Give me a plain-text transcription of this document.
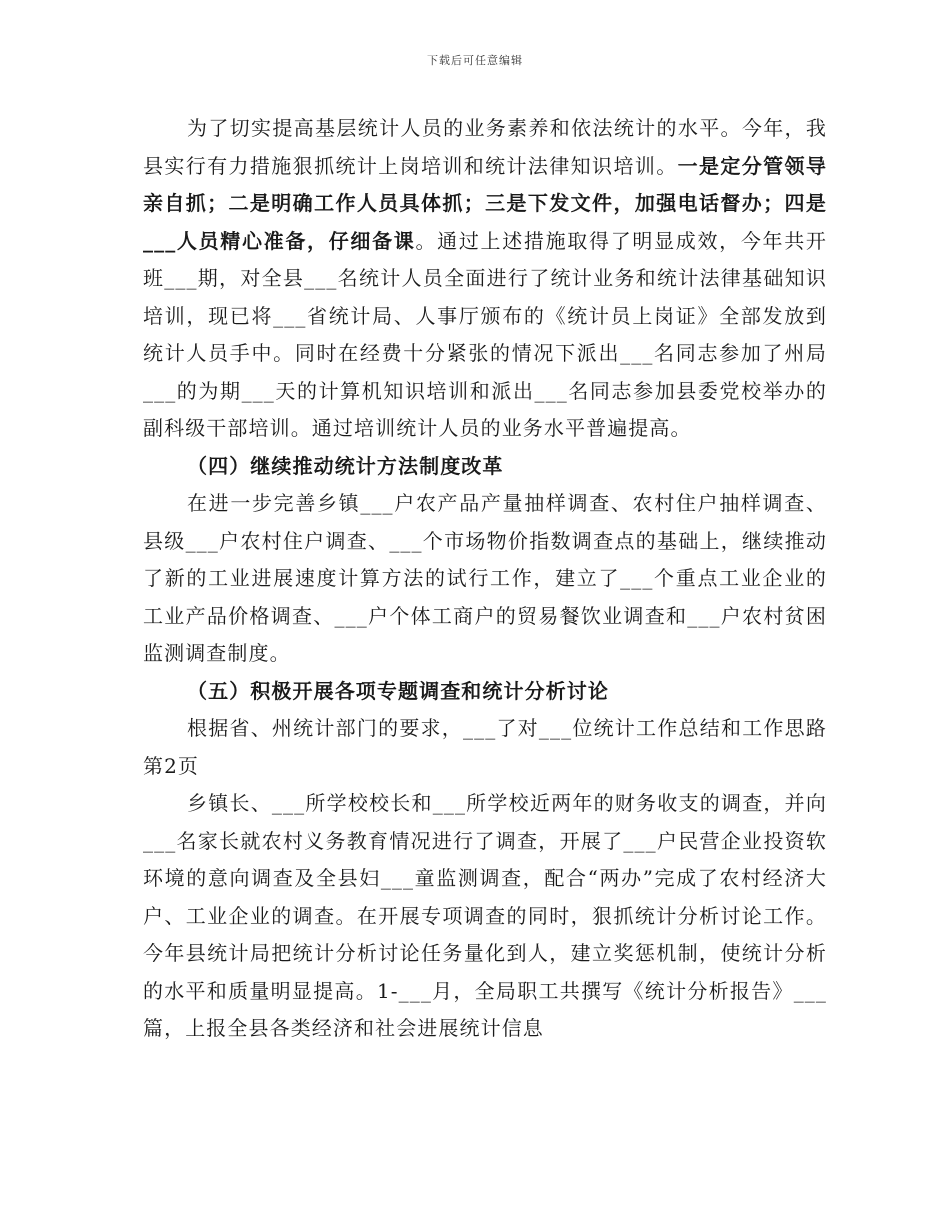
下载后可任意编辑

为了切实提高基层统计人员的业务素养和依法统计的水平。今年，我县实行有力措施狠抓统计上岗培训和统计法律知识培训。一是定分管领导亲自抓；二是明确工作人员具体抓；三是下发文件，加强电话督办；四是___人员精心准备，仔细备课。通过上述措施取得了明显成效，今年共开班___期，对全县___名统计人员全面进行了统计业务和统计法律基础知识培训，现已将___省统计局、人事厅颁布的《统计员上岗证》全部发放到统计人员手中。同时在经费十分紧张的情况下派出___名同志参加了州局___的为期___天的计算机知识培训和派出___名同志参加县委党校举办的副科级干部培训。通过培训统计人员的业务水平普遍提高。

（四）继续推动统计方法制度改革

在进一步完善乡镇___户农产品产量抽样调查、农村住户抽样调查、县级___户农村住户调查、___个市场物价指数调查点的基础上，继续推动了新的工业进展速度计算方法的试行工作，建立了___个重点工业企业的工业产品价格调查、___户个体工商户的贸易餐饮业调查和___户农村贫困监测调查制度。

（五）积极开展各项专题调查和统计分析讨论

根据省、州统计部门的要求，___了对___位统计工作总结和工作思路第2页

乡镇长、___所学校校长和___所学校近两年的财务收支的调查，并向___名家长就农村义务教育情况进行了调查，开展了___户民营企业投资软环境的意向调查及全县妇___童监测调查，配合“两办”完成了农村经济大户、工业企业的调查。在开展专项调查的同时，狠抓统计分析讨论工作。今年县统计局把统计分析讨论任务量化到人，建立奖惩机制，使统计分析的水平和质量明显提高。1-___月，全局职工共撰写《统计分析报告》___篇，上报全县各类经济和社会进展统计信息
